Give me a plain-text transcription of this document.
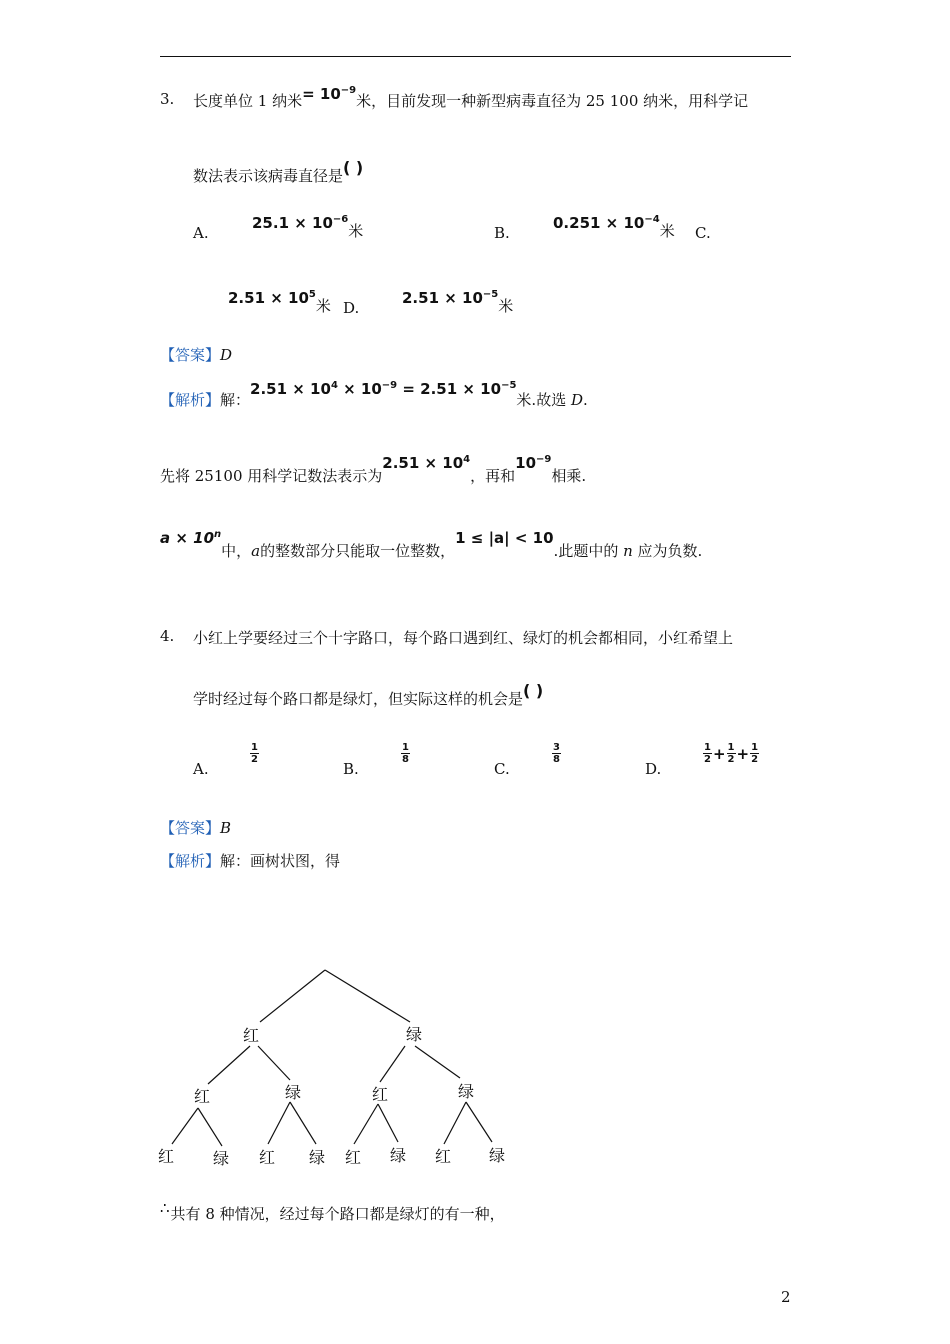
3. 长度单位 1 纳米= $10^{-9}$米，目前发现一种新型病毒直径为 25 100 纳米，用科学记
数法表示该病毒直径是( )
A.
$25.1 \times 10^{-6}$米	B.
$0.251 \times 10^{-4}$米 C.
$2.51 \times 10^5$米 D.
$2.51 \times 10^{-5}$米
【答案】D
【解析】解：$2.51 \times 10^4 \times 10^{-9} = 2.51 \times 10^{-5}$米.故选 D.
先将 25100 用科学记数法表示为$2.51 \times 10^4$，再和$10^{-9}$相乘.
$a \times 10^n$中，a的整数部分只能取一位整数，1 ≤ |a| < 10.此题中的 n 应为负数.
4. 小红上学要经过三个十字路口，每个路口遇到红、绿灯的机会都相同，小红希望上
学时经过每个路口都是绿灯，但实际这样的机会是( )
A.
$\frac{1}{2}$
B.
$\frac{1}{8}$
C.
$\frac{3}{8}$
D.
$\frac{1}{2} + \frac{1}{2} + \frac{1}{2}$
【答案】B
【解析】解：画树状图，得
红	绿
红	绿	红	绿
红 绿 红 绿 红 绿 红 绿
∴共有 8 种情况，经过每个路口都是绿灯的有一种，
2
